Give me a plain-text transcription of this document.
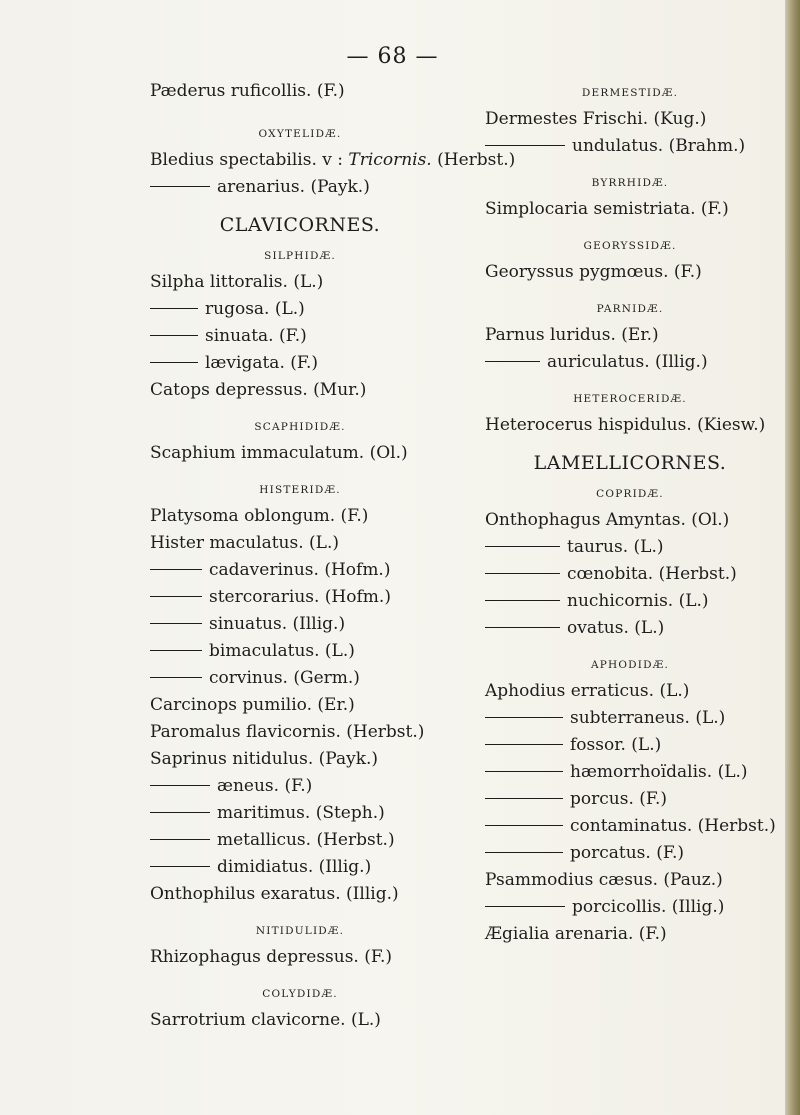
— 68 —
Pæderus ruficollis. (F.)
OXYTELIDÆ.
Bledius spectabilis. v : Tricornis. (Herbst.)
arenarius. (Payk.)
CLAVICORNES.
SILPHIDÆ.
Silpha littoralis. (L.)
rugosa. (L.)
sinuata. (F.)
lævigata. (F.)
Catops depressus. (Mur.)
SCAPHIDIDÆ.
Scaphium immaculatum. (Ol.)
HISTERIDÆ.
Platysoma oblongum. (F.)
Hister maculatus. (L.)
cadaverinus. (Hofm.)
stercorarius. (Hofm.)
sinuatus. (Illig.)
bimaculatus. (L.)
corvinus. (Germ.)
Carcinops pumilio. (Er.)
Paromalus flavicornis. (Herbst.)
Saprinus nitidulus. (Payk.)
æneus. (F.)
maritimus. (Steph.)
metallicus. (Herbst.)
dimidiatus. (Illig.)
Onthophilus exaratus. (Illig.)
NITIDULIDÆ.
Rhizophagus depressus. (F.)
COLYDIDÆ.
Sarrotrium clavicorne. (L.)
DERMESTIDÆ.
Dermestes Frischi. (Kug.)
undulatus. (Brahm.)
BYRRHIDÆ.
Simplocaria semistriata. (F.)
GEORYSSIDÆ.
Georyssus pygmœus. (F.)
PARNIDÆ.
Parnus luridus. (Er.)
auriculatus. (Illig.)
HETEROCERIDÆ.
Heterocerus hispidulus. (Kiesw.)
LAMELLICORNES.
COPRIDÆ.
Onthophagus Amyntas. (Ol.)
taurus. (L.)
cœnobita. (Herbst.)
nuchicornis. (L.)
ovatus. (L.)
APHODIDÆ.
Aphodius erraticus. (L.)
subterraneus. (L.)
fossor. (L.)
hæmorrhoïdalis. (L.)
porcus. (F.)
contaminatus. (Herbst.)
porcatus. (F.)
Psammodius cæsus. (Pauz.)
porcicollis. (Illig.)
Ægialia arenaria. (F.)
